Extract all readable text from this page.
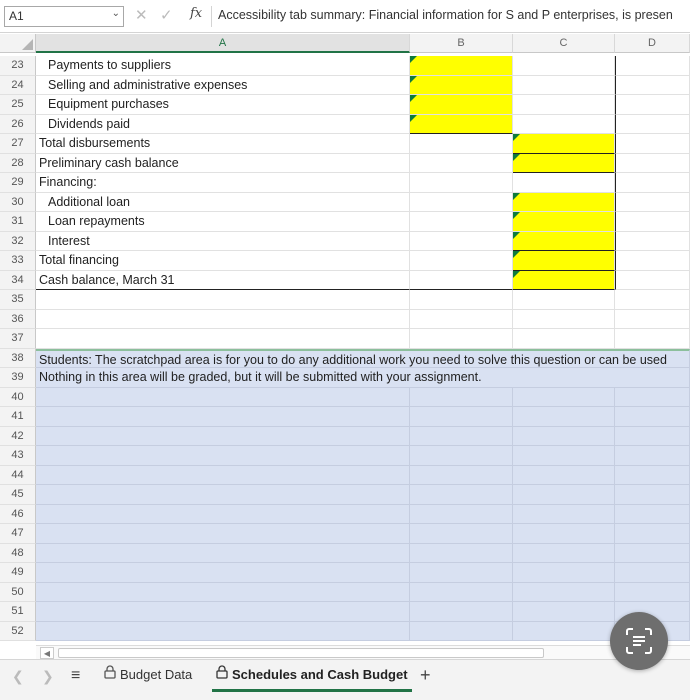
A1	⌄ ✕ ✓ fx Accessibility tab summary: Financial information for S and P enterprises, is presen
A	B	C	D
23	Payments to suppliers
24	Selling and administrative expenses
25	Equipment purchases
26	Dividends paid
27	Total disbursements
28	Preliminary cash balance
29	Financing:
30	Additional loan
31	Loan repayments
32	Interest
33	Total financing
34	Cash balance, March 31
35
36
37
38	Students: The scratchpad area is for you to do any additional work you need to solve this question or can be used
39	Nothing in this area will be graded, but it will be submitted with your assignment.
40
41
42
43
44
45
46
47
48
49
50
51
52
◀
❮ ❯ ≡	Budget Data	Schedules and Cash Budget +
